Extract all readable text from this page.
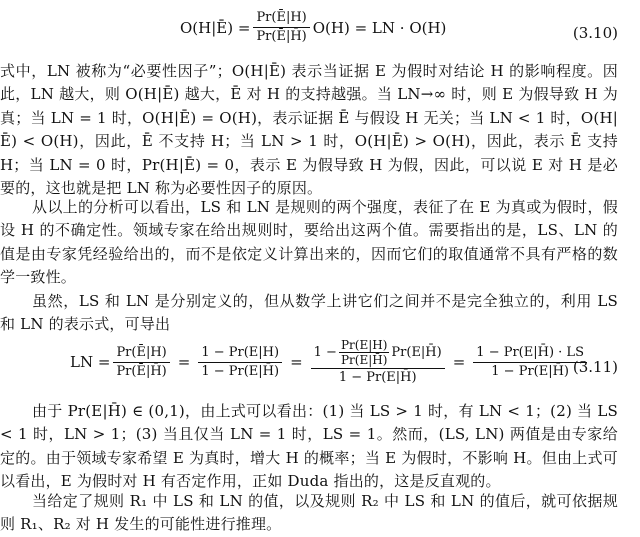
O(H|Ē) = $\frac{Pr(Ē|H)}{Pr(Ē|H̄)} O(H)$ = LN · O(H)	(3.10)
式中，LN 被称为“必要性因子”；O(H|Ē) 表示当证据 E 为假时对结论 H 的影响程度。因此，LN 越大，则 O(H|Ē) 越大，Ē 对 H 的支持越强。当 LN→∞ 时，则 E 为假导致 H 为真；当 LN = 1 时，O(H|Ē) = O(H)，表示证据 Ē 与假设 H 无关；当 LN < 1 时，O(H|Ē) < O(H)，因此，Ē 不支持 H；当 LN > 1 时，O(H|Ē) > O(H)，因此，表示 Ē 支持 H；当 LN = 0 时，Pr(H|Ē) = 0，表示 E 为假导致 H 为假，因此，可以说 E 对 H 是必要的，这也就是把 LN 称为必要性因子的原因。
从以上的分析可以看出，LS 和 LN 是规则的两个强度，表征了在 E 为真或为假时，假设 H 的不确定性。领域专家在给出规则时，要给出这两个值。需要指出的是，LS、LN 的值是由专家凭经验给出的，而不是依定义计算出来的，因而它们的取值通常不具有严格的数学一致性。
虽然，LS 和 LN 是分别定义的，但从数学上讲它们之间并不是完全独立的，利用 LS 和 LN 的表示式，可导出
LN = $\frac{Pr(Ē|H)}{Pr(Ē|H̄)} = \frac{1 - Pr(E|H)}{1 - Pr(E|H̄)}$ =
$1 - \frac{Pr(E|H)}{Pr(E|H̄)}$ Pr(E|H̄)
1 − Pr(E|H̄)
= $\frac{1 - Pr(E|H̄) \cdot LS}{1 - Pr(E|H̄)}$
(3.11)
由于 Pr(E|H̄) ∈ (0,1)，由上式可以看出：(1) 当 LS > 1 时，有 LN < 1；(2) 当 LS < 1 时，LN > 1；(3) 当且仅当 LN = 1 时，LS = 1。然而，(LS, LN) 两值是由专家给定的。由于领域专家希望 E 为真时，增大 H 的概率；当 E 为假时，不影响 H。但由上式可以看出，E 为假时对 H 有否定作用，正如 Duda 指出的，这是反直观的。
当给定了规则 R₁ 中 LS 和 LN 的值，以及规则 R₂ 中 LS 和 LN 的值后，就可依据规则 R₁、R₂ 对 H 发生的可能性进行推理。
